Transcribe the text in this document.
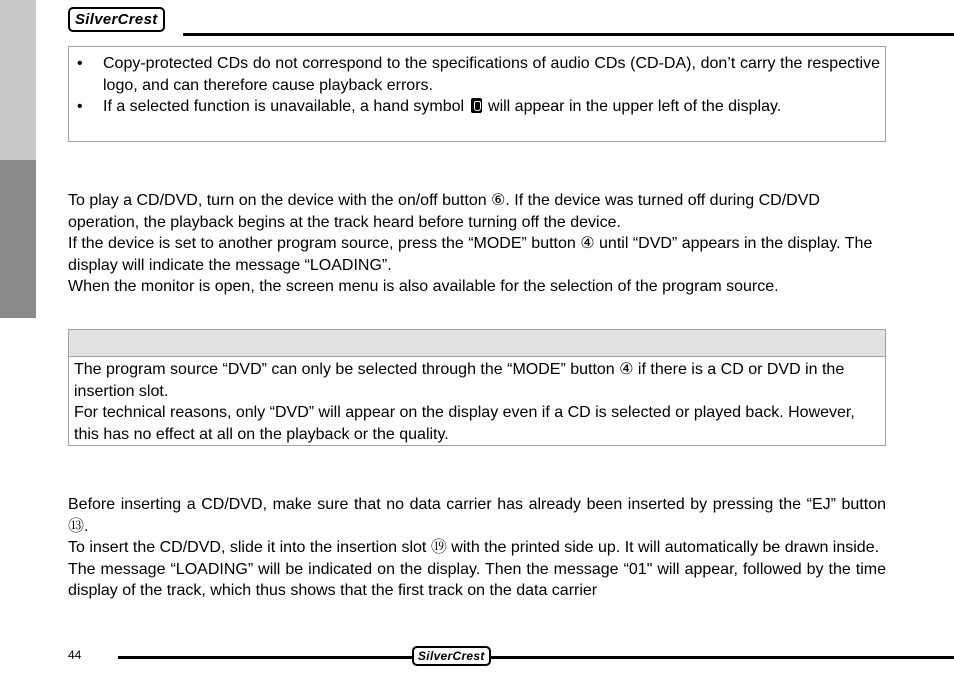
SilverCrest
• Copy-protected CDs do not correspond to the specifications of audio CDs (CD-DA), don’t carry the respective logo, and can therefore cause playback errors.
• If a selected function is unavailable, a hand symbol  will appear in the upper left of the display.

To play a CD/DVD, turn on the device with the on/off button ⑥. If the device was turned off during CD/DVD operation, the playback begins at the track heard before turning off the device.

If the device is set to another program source, press the “MODE” button ④ until “DVD” appears in the display. The display will indicate the message “LOADING”.

When the monitor is open, the screen menu is also available for the selection of the program source.

The program source “DVD” can only be selected through the “MODE” button ④ if there is a CD or DVD in the insertion slot.

For technical reasons, only “DVD” will appear on the display even if a CD is selected or played back. However, this has no effect at all on the playback or the quality.

Before inserting a CD/DVD, make sure that no data carrier has already been inserted by pressing the “EJ” button ⑬.

To insert the CD/DVD, slide it into the insertion slot ⑲ with the printed side up. It will automatically be drawn inside.

The message “LOADING” will be indicated on the display. Then the message “01" will appear, followed by the time display of the track, which thus shows that the first track on the data carrier

44	SilverCrest
